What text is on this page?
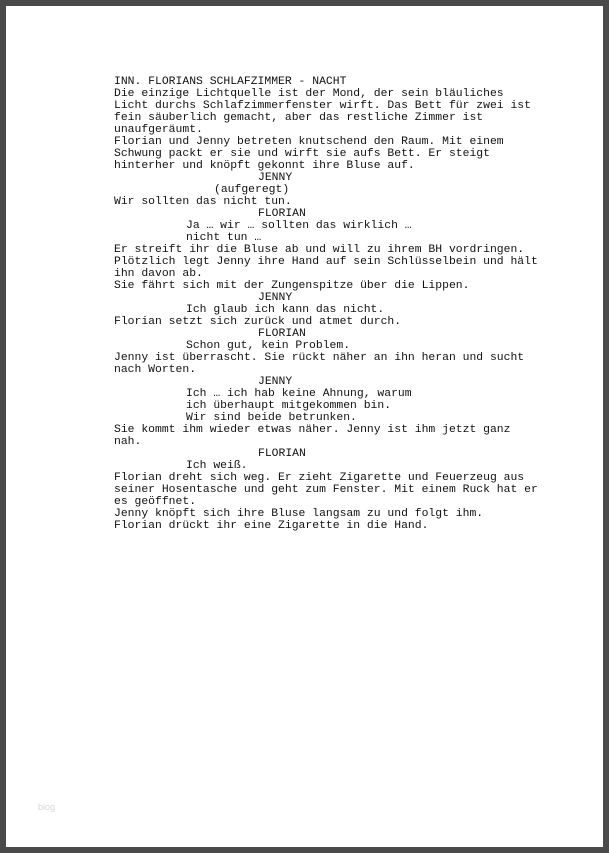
INN. FLORIANS SCHLAFZIMMER - NACHT

Die einzige Lichtquelle ist der Mond, der sein bläuliches Licht durchs Schlafzimmerfenster wirft. Das Bett für zwei ist fein säuberlich gemacht, aber das restliche Zimmer ist unaufgeräumt.

Florian und Jenny betreten knutschend den Raum. Mit einem Schwung packt er sie und wirft sie aufs Bett. Er steigt hinterher und knöpft gekonnt ihre Bluse auf.

JENNY

(aufgeregt)

Wir sollten das nicht tun.

FLORIAN

Ja … wir … sollten das wirklich … nicht tun …

Er streift ihr die Bluse ab und will zu ihrem BH vordringen.

Plötzlich legt Jenny ihre Hand auf sein Schlüsselbein und hält ihn davon ab.

Sie fährt sich mit der Zungenspitze über die Lippen.

JENNY

Ich glaub ich kann das nicht.

Florian setzt sich zurück und atmet durch.

FLORIAN

Schon gut, kein Problem.

Jenny ist überrascht. Sie rückt näher an ihn heran und sucht nach Worten.

JENNY

Ich … ich hab keine Ahnung, warum ich überhaupt mitgekommen bin. Wir sind beide betrunken.

Sie kommt ihm wieder etwas näher. Jenny ist ihm jetzt ganz nah.

FLORIAN

Ich weiß.

Florian dreht sich weg. Er zieht Zigarette und Feuerzeug aus seiner Hosentasche und geht zum Fenster. Mit einem Ruck hat er es geöffnet.

Jenny knöpft sich ihre Bluse langsam zu und folgt ihm.

Florian drückt ihr eine Zigarette in die Hand.

blog
